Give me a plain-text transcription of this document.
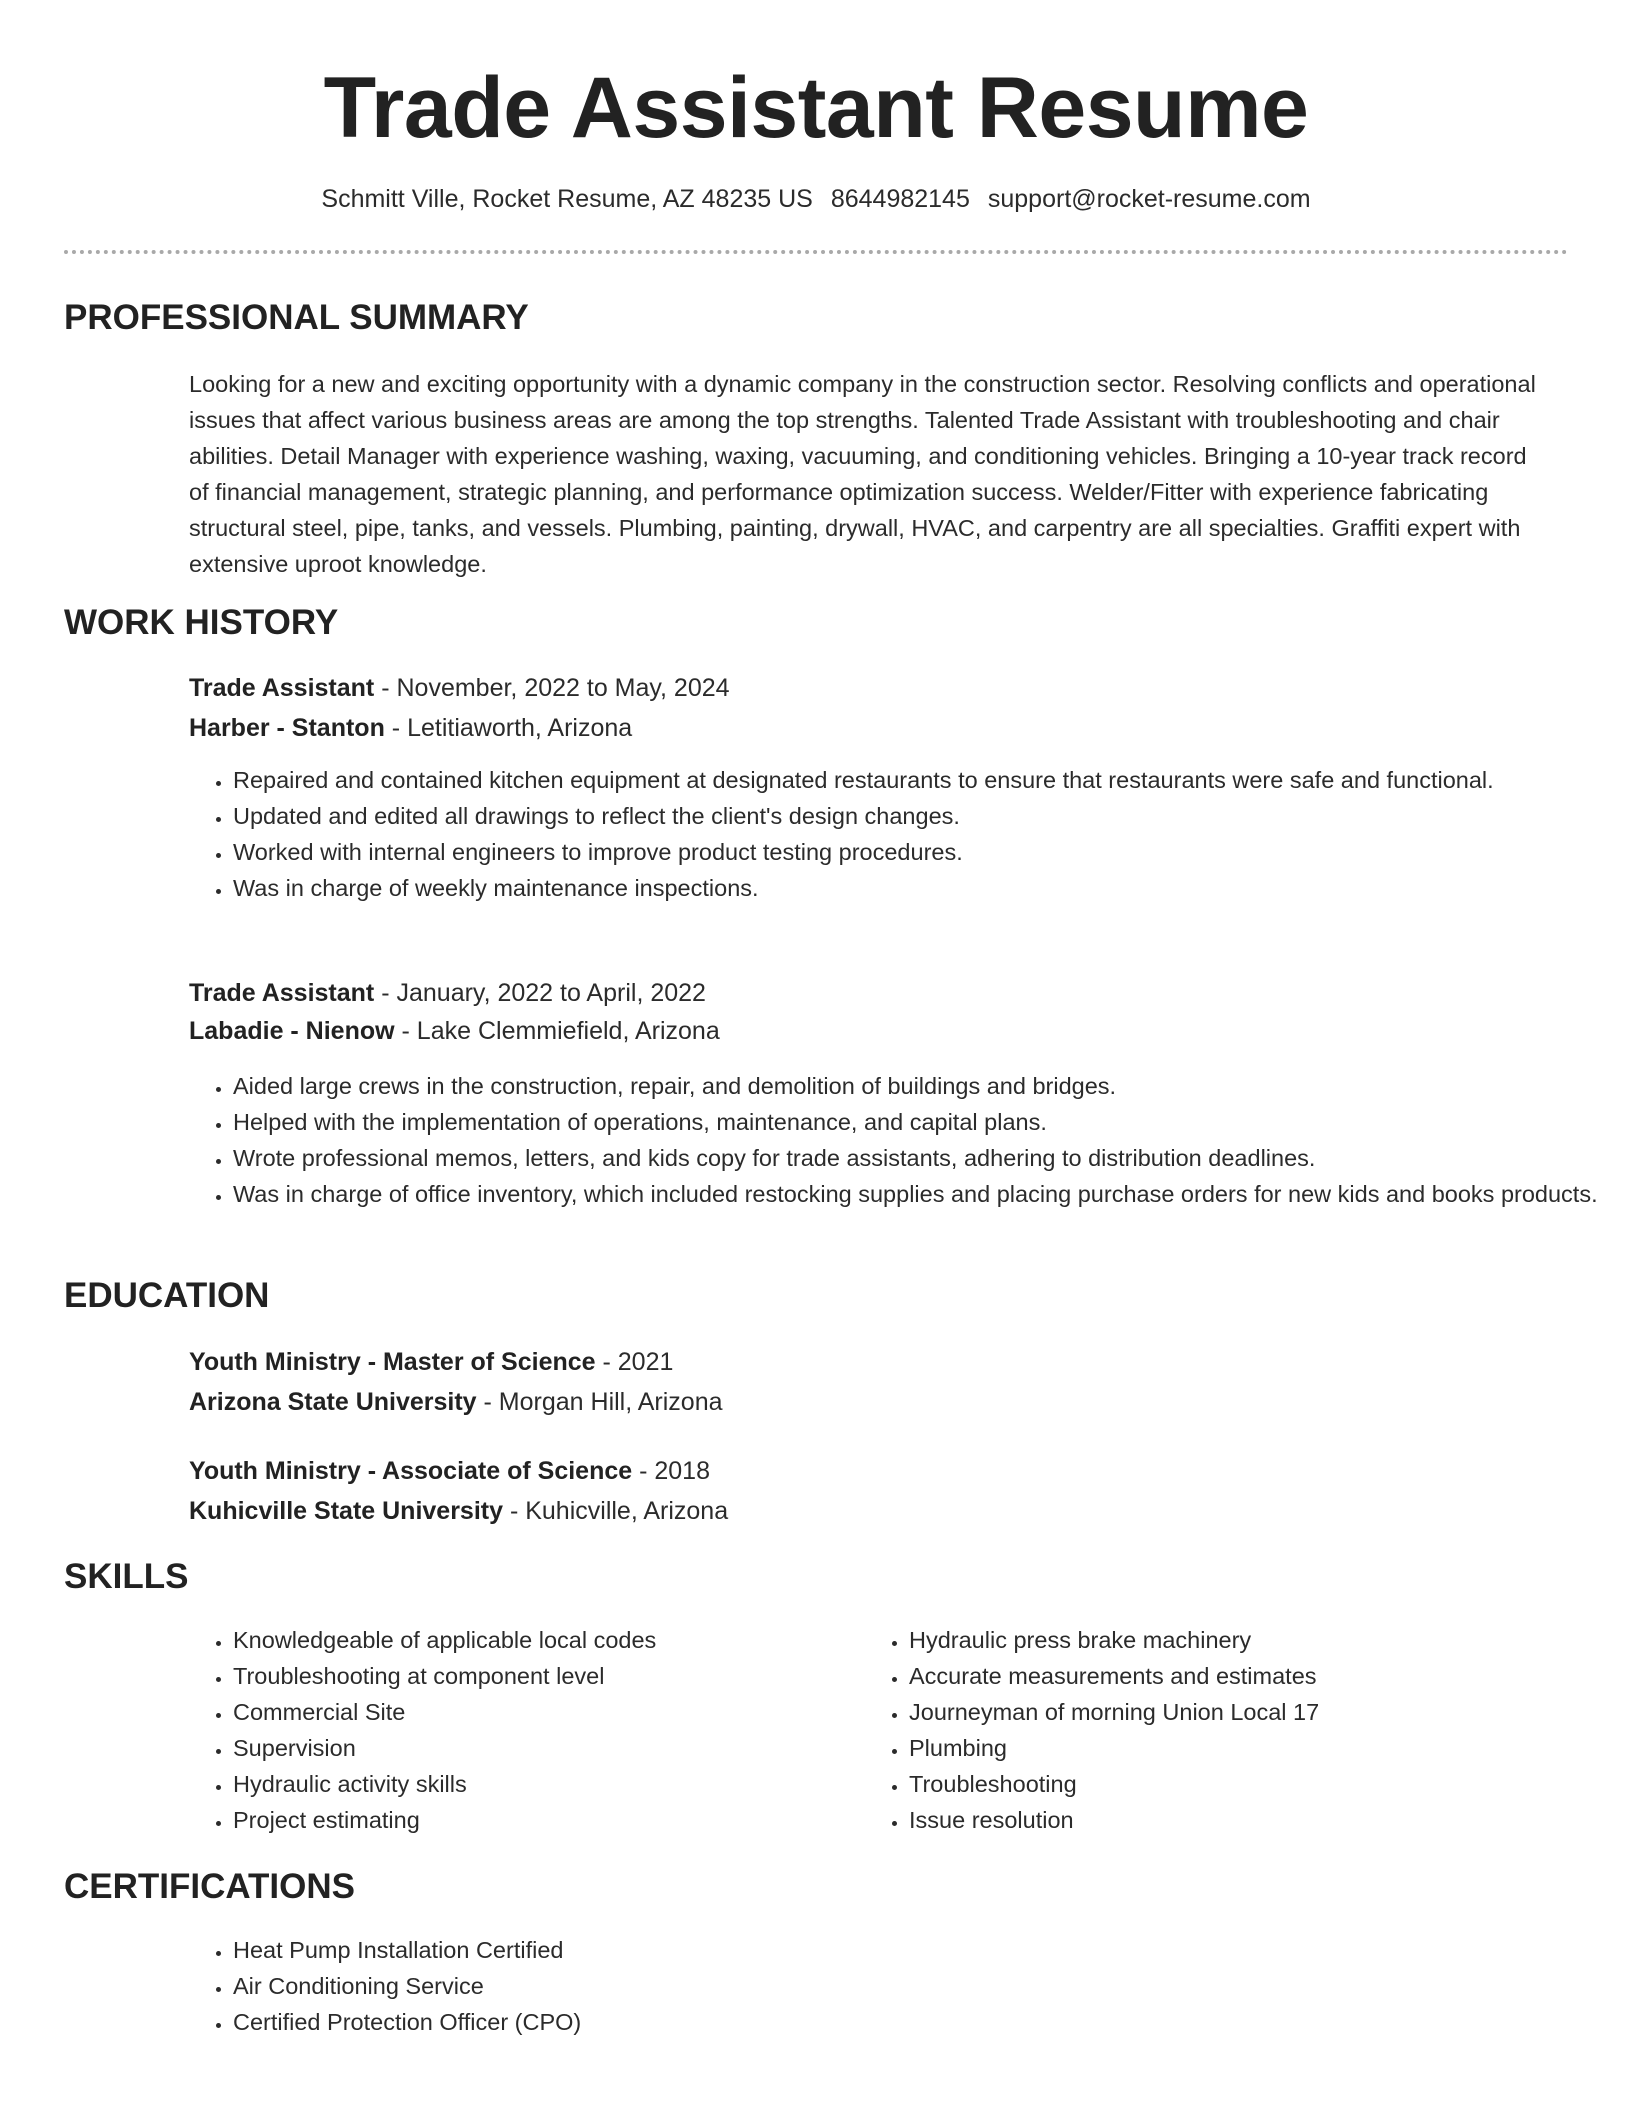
Trade Assistant Resume
Schmitt Ville, Rocket Resume, AZ 48235 US 8644982145 support@rocket-resume.com
PROFESSIONAL SUMMARY

Looking for a new and exciting opportunity with a dynamic company in the construction sector. Resolving conflicts and operational issues that affect various business areas are among the top strengths. Talented Trade Assistant with troubleshooting and chair abilities. Detail Manager with experience washing, waxing, vacuuming, and conditioning vehicles. Bringing a 10-year track record of financial management, strategic planning, and performance optimization success. Welder/Fitter with experience fabricating structural steel, pipe, tanks, and vessels. Plumbing, painting, drywall, HVAC, and carpentry are all specialties. Graffiti expert with extensive uproot knowledge.

WORK HISTORY
Trade Assistant - November, 2022 to May, 2024
Harber - Stanton - Letitiaworth, Arizona
• Repaired and contained kitchen equipment at designated restaurants to ensure that restaurants were safe and functional.
• Updated and edited all drawings to reflect the client's design changes.
• Worked with internal engineers to improve product testing procedures.
• Was in charge of weekly maintenance inspections.
Trade Assistant - January, 2022 to April, 2022
Labadie - Nienow - Lake Clemmiefield, Arizona
• Aided large crews in the construction, repair, and demolition of buildings and bridges.
• Helped with the implementation of operations, maintenance, and capital plans.
• Wrote professional memos, letters, and kids copy for trade assistants, adhering to distribution deadlines.
• Was in charge of office inventory, which included restocking supplies and placing purchase orders for new kids and books products.
EDUCATION
Youth Ministry - Master of Science - 2021
Arizona State University - Morgan Hill, Arizona
Youth Ministry - Associate of Science - 2018
Kuhicville State University - Kuhicville, Arizona
SKILLS
• Knowledgeable of applicable local codes
• Troubleshooting at component level
• Commercial Site
• Supervision
• Hydraulic activity skills
• Project estimating
• Hydraulic press brake machinery
• Accurate measurements and estimates
• Journeyman of morning Union Local 17
• Plumbing
• Troubleshooting
• Issue resolution
CERTIFICATIONS
• Heat Pump Installation Certified
• Air Conditioning Service
• Certified Protection Officer (CPO)
